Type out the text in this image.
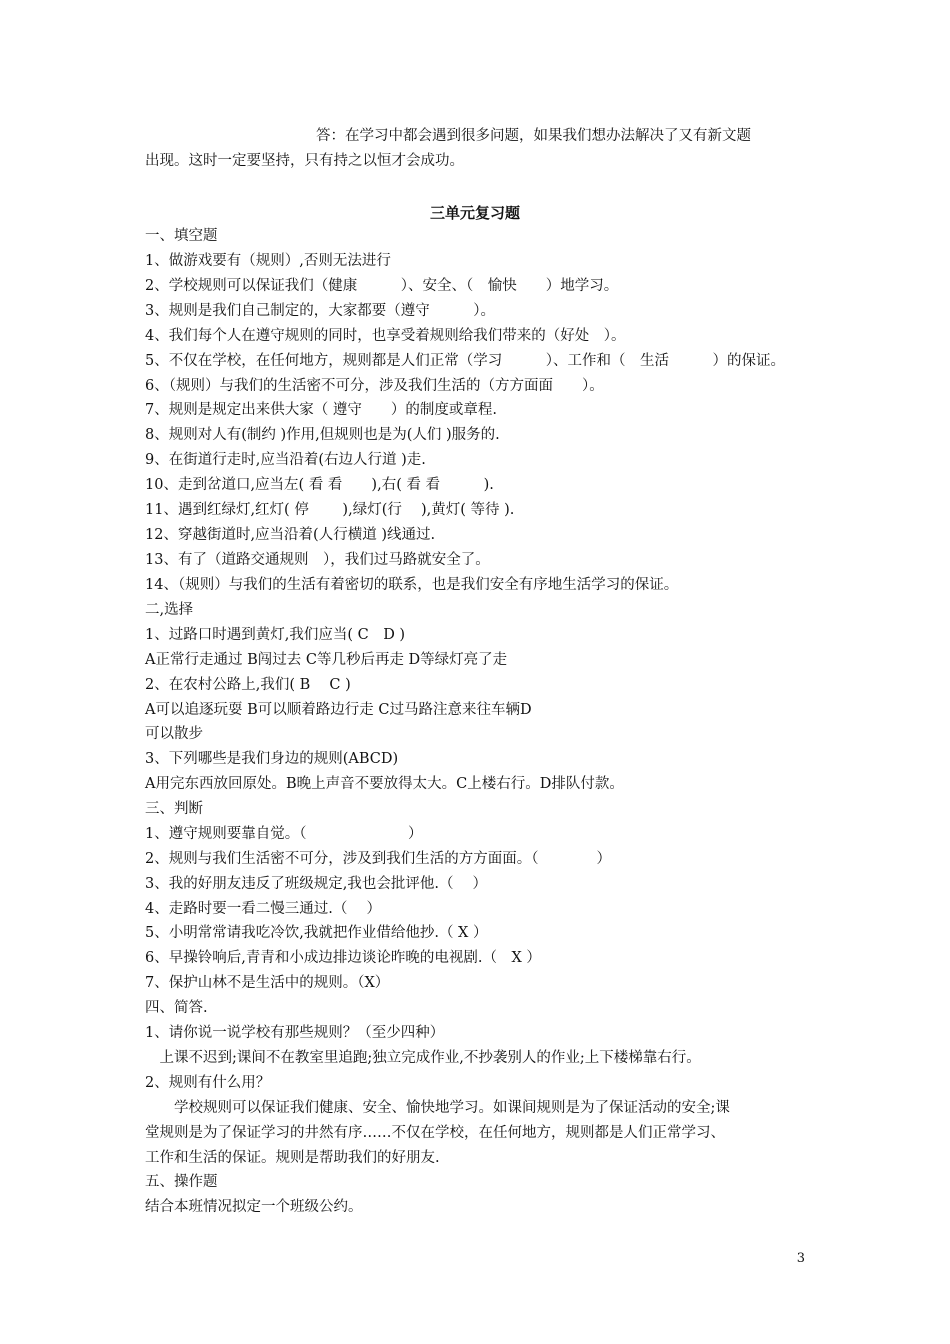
答：在学习中都会遇到很多问题，如果我们想办法解决了又有新文题
出现。这时一定要坚持，只有持之以恒才会成功。
三单元复习题
一、填空题
1、做游戏要有（规则）,否则无法进行
2、学校规则可以保证我们（健康　　　）、安全、（　愉快　　）地学习。
3、规则是我们自己制定的，大家都要（遵守　　　）。
4、我们每个人在遵守规则的同时，也享受着规则给我们带来的（好处　）。
5、不仅在学校，在任何地方，规则都是人们正常（学习　　　）、工作和（　生活　　　）的保证。
6、（规则）与我们的生活密不可分，涉及我们生活的（方方面面　　）。
7、规则是规定出来供大家（ 遵守　　）的制度或章程.
8、规则对人有(制约 )作用,但规则也是为(人们 )服务的.
9、在街道行走时,应当沿着(右边人行道 )走.
10、走到岔道口,应当左( 看 看　　),右( 看 看　　　).
11、遇到红绿灯,红灯( 停　　 ),绿灯(行　 ),黄灯( 等待 ).
12、穿越街道时,应当沿着(人行横道 )线通过.
13、有了（道路交通规则　），我们过马路就安全了。
14、（规则）与我们的生活有着密切的联系，也是我们安全有序地生活学习的保证。
二,选择
1、过路口时遇到黄灯,我们应当( C　D )
A正常行走通过 B闯过去 C等几秒后再走 D等绿灯亮了走
2、在农村公路上,我们( B　 C )
A可以追逐玩耍 B可以顺着路边行走 C过马路注意来往车辆D
可以散步
3、下列哪些是我们身边的规则(ABCD)
A用完东西放回原处。B晚上声音不要放得太大。C上楼右行。D排队付款。
三、判断
1、遵守规则要靠自觉。（　　　　　　　）
2、规则与我们生活密不可分，涉及到我们生活的方方面面。（　　　　）
3、我的好朋友违反了班级规定,我也会批评他.（　 ）
4、走路时要一看二慢三通过.（　 ）
5、小明常常请我吃冷饮,我就把作业借给他抄.（ X ）
6、早操铃响后,青青和小成边排边谈论昨晚的电视剧.（　X ）
7、保护山林不是生活中的规则。（X）
四、简答.
1、请你说一说学校有那些规则？（至少四种）
　上课不迟到;课间不在教室里追跑;独立完成作业,不抄袭别人的作业;上下楼梯靠右行。
2、规则有什么用？
　　学校规则可以保证我们健康、安全、愉快地学习。如课间规则是为了保证活动的安全;课
堂规则是为了保证学习的井然有序……不仅在学校，在任何地方，规则都是人们正常学习、
工作和生活的保证。规则是帮助我们的好朋友.
五、操作题
结合本班情况拟定一个班级公约。
3
